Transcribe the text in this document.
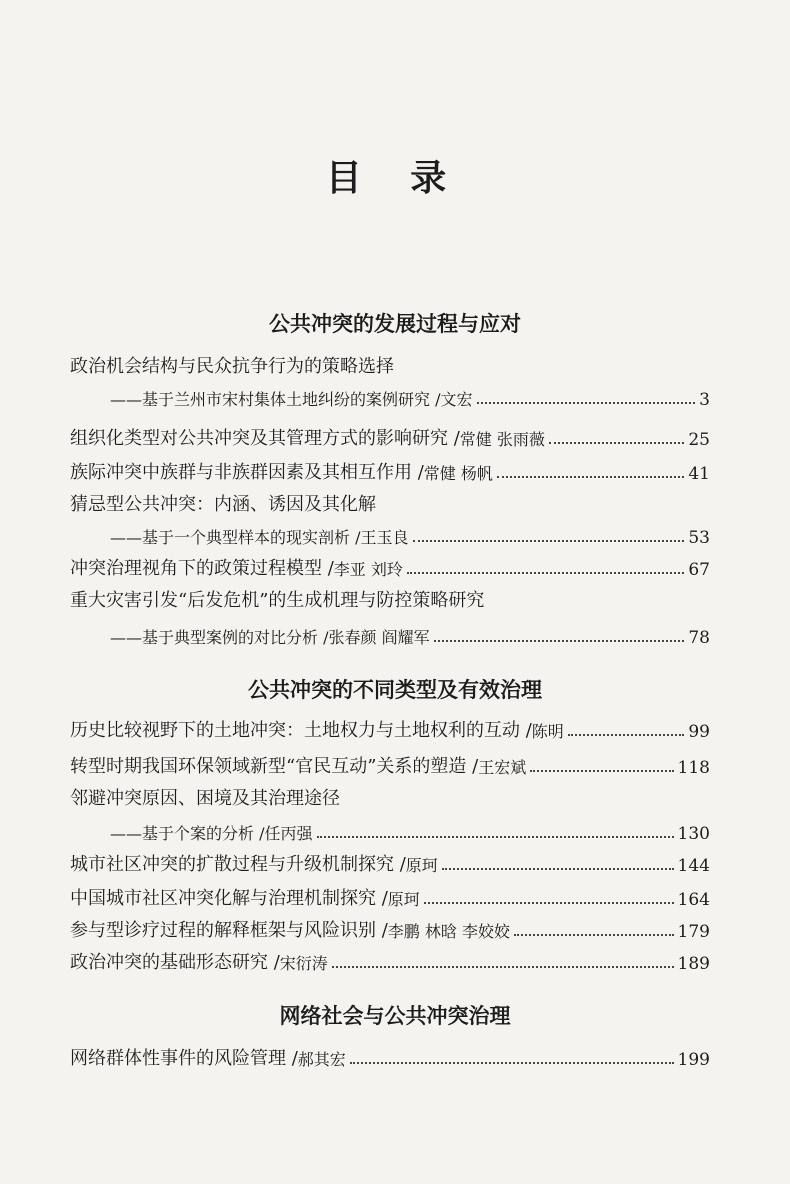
目 录
公共冲突的发展过程与应对
政治机会结构与民众抗争行为的策略选择
——基于兰州市宋村集体土地纠纷的案例研究 / 文宏	3
组织化类型对公共冲突及其管理方式的影响研究 / 常健 张雨薇	25
族际冲突中族群与非族群因素及其相互作用 / 常健 杨帆	41
猜忌型公共冲突：内涵、诱因及其化解
——基于一个典型样本的现实剖析 / 王玉良	53
冲突治理视角下的政策过程模型 / 李亚 刘玲	67
重大灾害引发“后发危机”的生成机理与防控策略研究
——基于典型案例的对比分析 / 张春颜 阎耀军	78
公共冲突的不同类型及有效治理
历史比较视野下的土地冲突：土地权力与土地权利的互动 / 陈明	99
转型时期我国环保领域新型“官民互动”关系的塑造 / 王宏斌	118
邻避冲突原因、困境及其治理途径
——基于个案的分析 / 任丙强	130
城市社区冲突的扩散过程与升级机制探究 / 原珂	144
中国城市社区冲突化解与治理机制探究 / 原珂	164
参与型诊疗过程的解释框架与风险识别 / 李鹏 林晗 李姣姣	179
政治冲突的基础形态研究 / 宋衍涛	189
网络社会与公共冲突治理
网络群体性事件的风险管理 / 郝其宏	199
